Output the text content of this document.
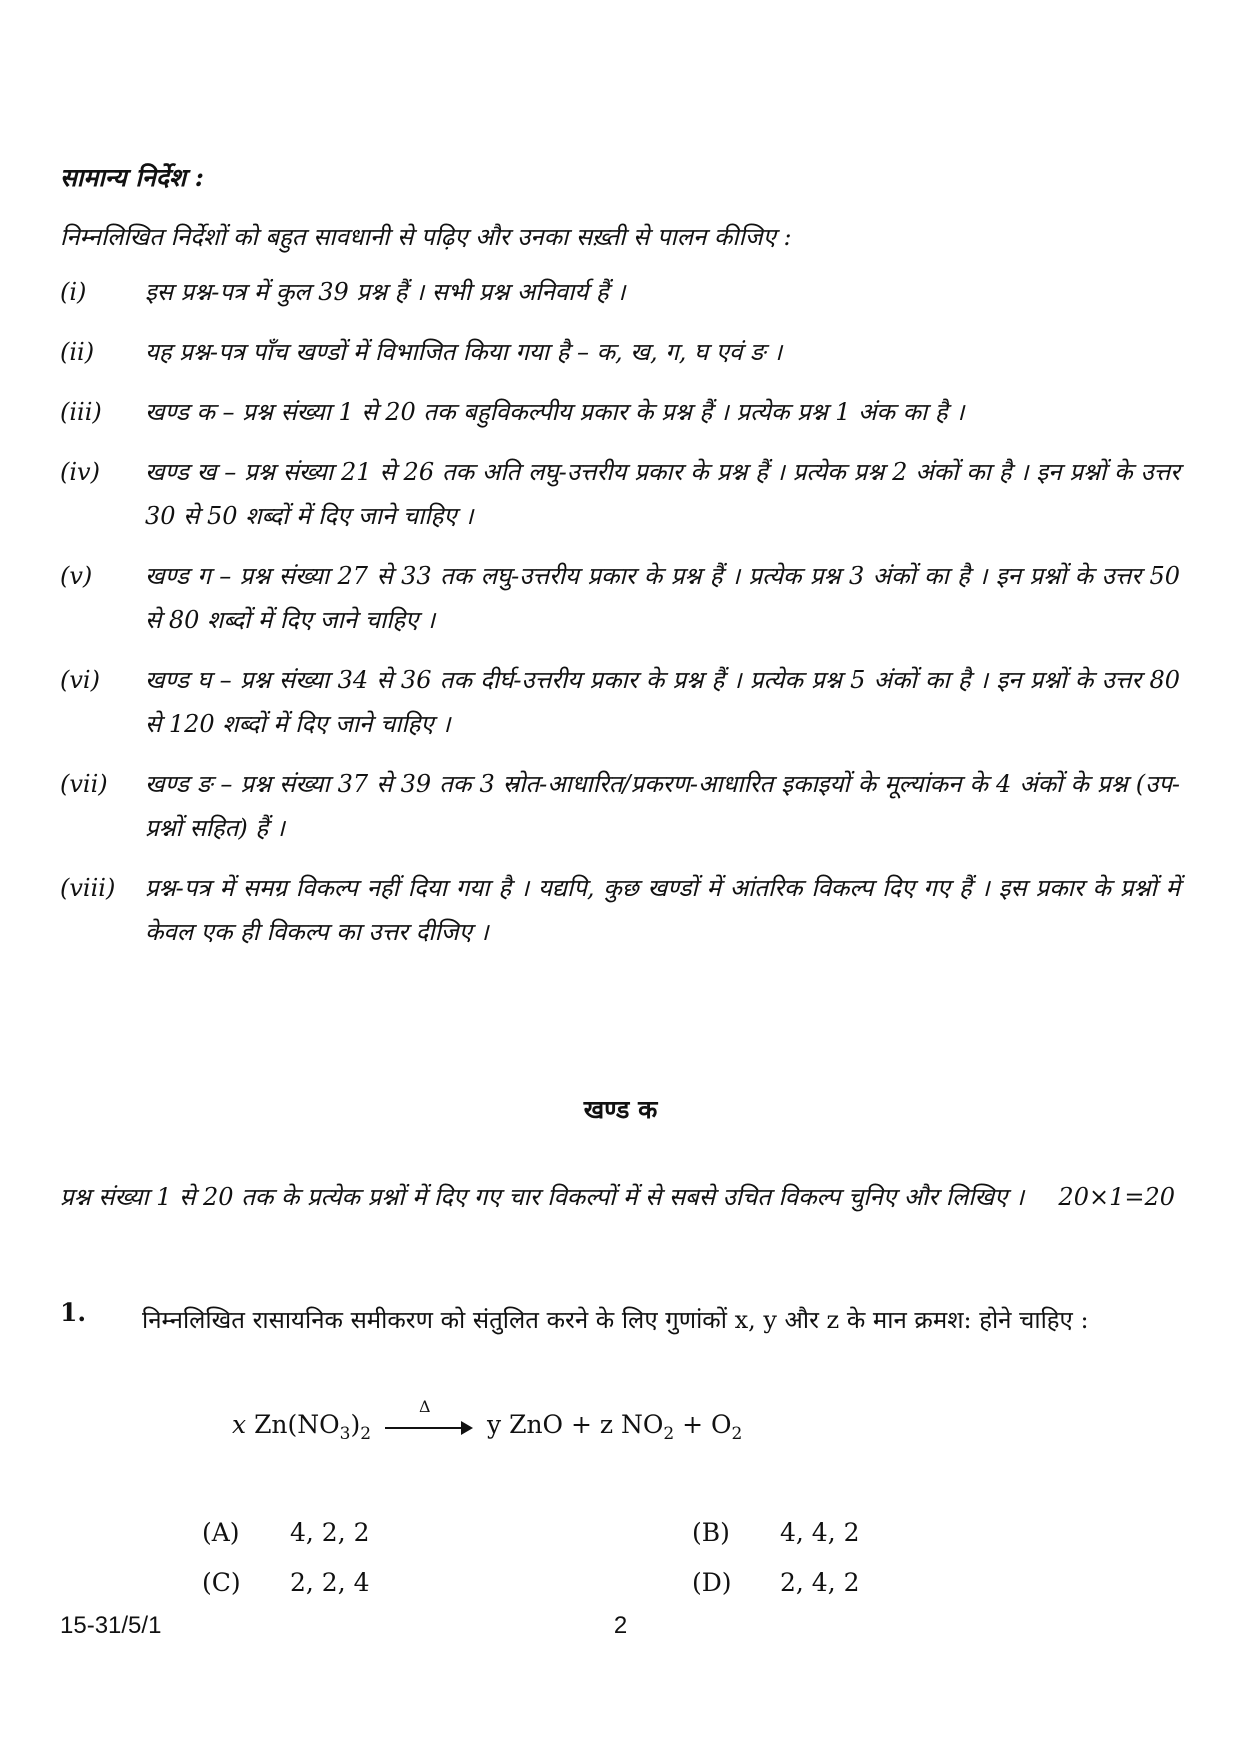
सामान्य निर्देश :
निम्नलिखित निर्देशों को बहुत सावधानी से पढ़िए और उनका सख़्ती से पालन कीजिए :
(i)	इस प्रश्न-पत्र में कुल 39 प्रश्न हैं । सभी प्रश्न अनिवार्य हैं ।
(ii)	यह प्रश्न-पत्र पाँच खण्डों में विभाजित किया गया है – क, ख, ग, घ एवं ङ ।
(iii)	खण्ड क – प्रश्न संख्या 1 से 20 तक बहुविकल्पीय प्रकार के प्रश्न हैं । प्रत्येक प्रश्न 1 अंक का है ।
(iv)	खण्ड ख – प्रश्न संख्या 21 से 26 तक अति लघु-उत्तरीय प्रकार के प्रश्न हैं । प्रत्येक प्रश्न 2 अंकों का है । इन प्रश्नों के उत्तर 30 से 50 शब्दों में दिए जाने चाहिए ।
(v)	खण्ड ग – प्रश्न संख्या 27 से 33 तक लघु-उत्तरीय प्रकार के प्रश्न हैं । प्रत्येक प्रश्न 3 अंकों का है । इन प्रश्नों के उत्तर 50 से 80 शब्दों में दिए जाने चाहिए ।
(vi)	खण्ड घ – प्रश्न संख्या 34 से 36 तक दीर्घ-उत्तरीय प्रकार के प्रश्न हैं । प्रत्येक प्रश्न 5 अंकों का है । इन प्रश्नों के उत्तर 80 से 120 शब्दों में दिए जाने चाहिए ।
(vii)	खण्ड ङ – प्रश्न संख्या 37 से 39 तक 3 स्रोत-आधारित/प्रकरण-आधारित इकाइयों के मूल्यांकन के 4 अंकों के प्रश्न (उप-प्रश्नों सहित) हैं ।
(viii)	प्रश्न-पत्र में समग्र विकल्प नहीं दिया गया है । यद्यपि, कुछ खण्डों में आंतरिक विकल्प दिए गए हैं । इस प्रकार के प्रश्नों में केवल एक ही विकल्प का उत्तर दीजिए ।
खण्ड क
प्रश्न संख्या 1 से 20 तक के प्रत्येक प्रश्नों में दिए गए चार विकल्पों में से सबसे उचित विकल्प चुनिए और लिखिए । 20×1=20
1. निम्नलिखित रासायनिक समीकरण को संतुलित करने के लिए गुणांकों x, y और z के मान क्रमश: होने चाहिए :
x $Zn(NO_3)_2$
Δ
y ZnO + z $NO_2 + O_2$
(A)	4, 2, 2	(B)	4, 4, 2
(C)	2, 2, 4	(D)	2, 4, 2
15-31/5/1	2
